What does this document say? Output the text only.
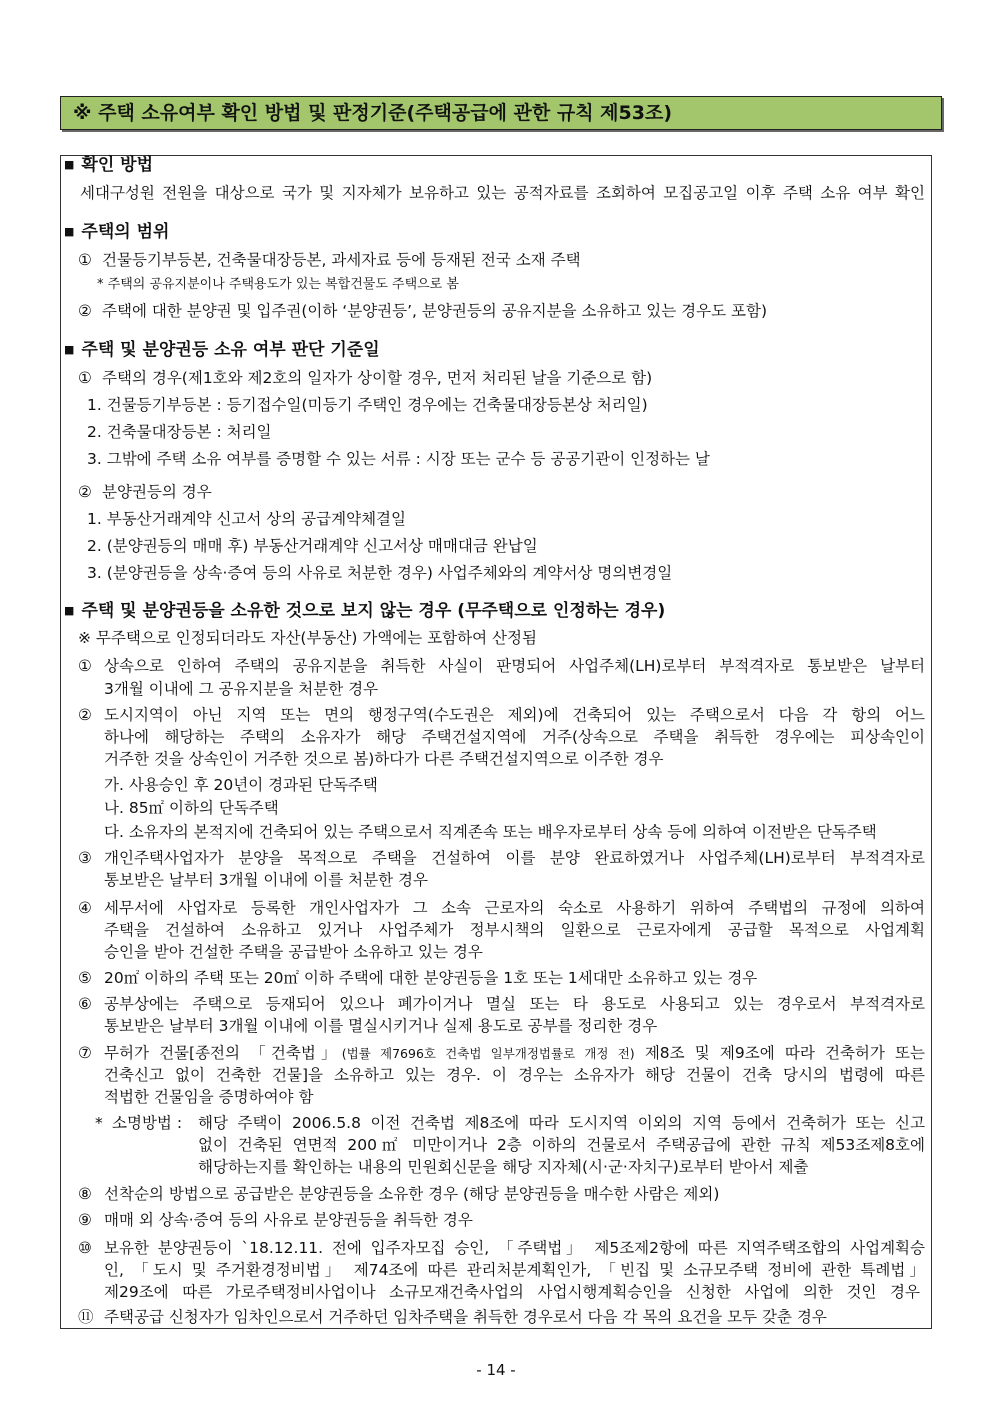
※ 주택 소유여부 확인 방법 및 판정기준(주택공급에 관한 규칙 제53조)
■ 확인 방법
세대구성원 전원을 대상으로 국가 및 지자체가 보유하고 있는 공적자료를 조회하여 모집공고일 이후 주택 소유 여부 확인
■ 주택의 범위
① 건물등기부등본, 건축물대장등본, 과세자료 등에 등재된 전국 소재 주택
* 주택의 공유지분이나 주택용도가 있는 복합건물도 주택으로 봄
② 주택에 대한 분양권 및 입주권(이하 ‘분양권등’, 분양권등의 공유지분을 소유하고 있는 경우도 포함)
■ 주택 및 분양권등 소유 여부 판단 기준일
① 주택의 경우(제1호와 제2호의 일자가 상이할 경우, 먼저 처리된 날을 기준으로 함)
1. 건물등기부등본 : 등기접수일(미등기 주택인 경우에는 건축물대장등본상 처리일)
2. 건축물대장등본 : 처리일
3. 그밖에 주택 소유 여부를 증명할 수 있는 서류 : 시장 또는 군수 등 공공기관이 인정하는 날
② 분양권등의 경우
1. 부동산거래계약 신고서 상의 공급계약체결일
2. (분양권등의 매매 후) 부동산거래계약 신고서상 매매대금 완납일
3. (분양권등을 상속·증여 등의 사유로 처분한 경우) 사업주체와의 계약서상 명의변경일
■ 주택 및 분양권등을 소유한 것으로 보지 않는 경우 (무주택으로 인정하는 경우)
※ 무주택으로 인정되더라도 자산(부동산) 가액에는 포함하여 산정됨
① 상속으로 인하여 주택의 공유지분을 취득한 사실이 판명되어 사업주체(LH)로부터 부적격자로 통보받은 날부터
3개월 이내에 그 공유지분을 처분한 경우
② 도시지역이 아닌 지역 또는 면의 행정구역(수도권은 제외)에 건축되어 있는 주택으로서 다음 각 항의 어느
하나에 해당하는 주택의 소유자가 해당 주택건설지역에 거주(상속으로 주택을 취득한 경우에는 피상속인이
거주한 것을 상속인이 거주한 것으로 봄)하다가 다른 주택건설지역으로 이주한 경우
가. 사용승인 후 20년이 경과된 단독주택
나. 85㎡ 이하의 단독주택
다. 소유자의 본적지에 건축되어 있는 주택으로서 직계존속 또는 배우자로부터 상속 등에 의하여 이전받은 단독주택
③ 개인주택사업자가 분양을 목적으로 주택을 건설하여 이를 분양 완료하였거나 사업주체(LH)로부터 부적격자로
통보받은 날부터 3개월 이내에 이를 처분한 경우
④ 세무서에 사업자로 등록한 개인사업자가 그 소속 근로자의 숙소로 사용하기 위하여 주택법의 규정에 의하여
주택을 건설하여 소유하고 있거나 사업주체가 정부시책의 일환으로 근로자에게 공급할 목적으로 사업계획
승인을 받아 건설한 주택을 공급받아 소유하고 있는 경우
⑤ 20㎡ 이하의 주택 또는 20㎡ 이하 주택에 대한 분양권등을 1호 또는 1세대만 소유하고 있는 경우
⑥ 공부상에는 주택으로 등재되어 있으나 폐가이거나 멸실 또는 타 용도로 사용되고 있는 경우로서 부적격자로
통보받은 날부터 3개월 이내에 이를 멸실시키거나 실제 용도로 공부를 정리한 경우
⑦ 무허가 건물[종전의 「건축법」(법률 제7696호 건축법 일부개정법률로 개정 전) 제8조 및 제9조에 따라 건축허가 또는
건축신고 없이 건축한 건물]을 소유하고 있는 경우. 이 경우는 소유자가 해당 건물이 건축 당시의 법령에 따른
적법한 건물임을 증명하여야 함
* 소명방법 : 해당 주택이 2006.5.8 이전 건축법 제8조에 따라 도시지역 이외의 지역 등에서 건축허가 또는 신고
없이 건축된 연면적 200㎡ 미만이거나 2층 이하의 건물로서 주택공급에 관한 규칙 제53조제8호에
해당하는지를 확인하는 내용의 민원회신문을 해당 지자체(시·군·자치구)로부터 받아서 제출
⑧ 선착순의 방법으로 공급받은 분양권등을 소유한 경우 (해당 분양권등을 매수한 사람은 제외)
⑨ 매매 외 상속·증여 등의 사유로 분양권등을 취득한 경우
⑩ 보유한 분양권등이 `18.12.11. 전에 입주자모집 승인, 「주택법」 제5조제2항에 따른 지역주택조합의 사업계획승
인, 「도시 및 주거환경정비법」 제74조에 따른 관리처분계획인가, 「빈집 및 소규모주택 정비에 관한 특례법」
제29조에 따른 가로주택정비사업이나 소규모재건축사업의 사업시행계획승인을 신청한 사업에 의한 것인 경우
⑪ 주택공급 신청자가 임차인으로서 거주하던 임차주택을 취득한 경우로서 다음 각 목의 요건을 모두 갖춘 경우
- 14 -
